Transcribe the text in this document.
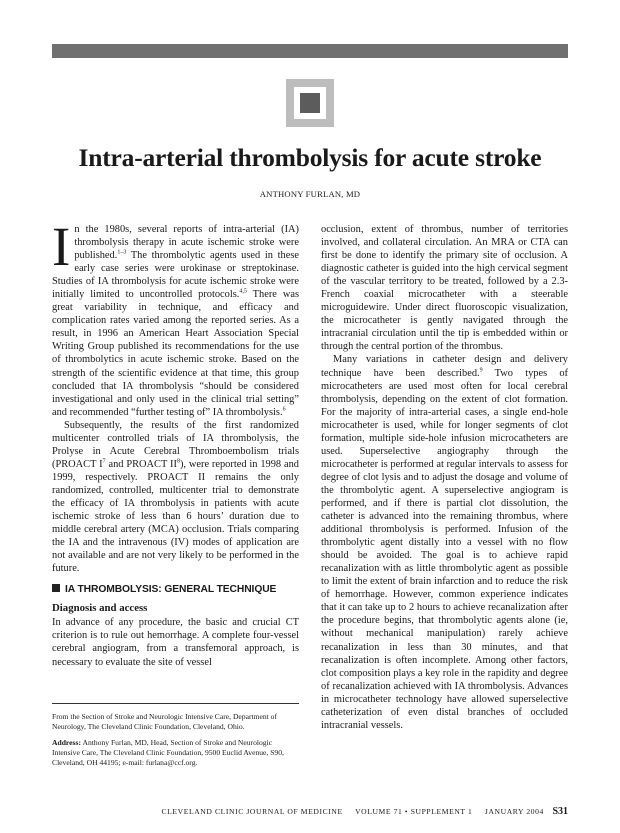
Intra-arterial thrombolysis for acute stroke
ANTHONY FURLAN, MD

In the 1980s, several reports of intra-arterial (IA) thrombolysis therapy in acute ischemic stroke were published.$^{1-3}$ The thrombolytic agents used in these early case series were urokinase or streptokinase. Studies of IA thrombolysis for acute ischemic stroke were initially limited to uncontrolled protocols.$^{4,5}$ There was great variability in technique, and efficacy and complication rates varied among the reported series. As a result, in 1996 an American Heart Association Special Writing Group published its recommendations for the use of thrombolytics in acute ischemic stroke. Based on the strength of the scientific evidence at that time, this group concluded that IA thrombolysis “should be considered investigational and only used in the clinical trial setting” and recommended “further testing of” IA thrombolysis.$^6$

Subsequently, the results of the first randomized multicenter controlled trials of IA thrombolysis, the Prolyse in Acute Cerebral Thromboembolism trials (PROACT $I^7$ and PROACT $II^8$), were reported in 1998 and 1999, respectively. PROACT II remains the only randomized, controlled, multicenter trial to demonstrate the efficacy of IA thrombolysis in patients with acute ischemic stroke of less than 6 hours’ duration due to middle cerebral artery (MCA) occlusion. Trials comparing the IA and the intravenous (IV) modes of application are not available and are not very likely to be performed in the future.

IA THROMBOLYSIS: GENERAL TECHNIQUE
Diagnosis and access

In advance of any procedure, the basic and crucial CT criterion is to rule out hemorrhage. A complete four-vessel cerebral angiogram, from a transfemoral approach, is necessary to evaluate the site of vessel

occlusion, extent of thrombus, number of territories involved, and collateral circulation. An MRA or CTA can first be done to identify the primary site of occlusion. A diagnostic catheter is guided into the high cervical segment of the vascular territory to be treated, followed by a 2.3-French coaxial microcatheter with a steerable microguidewire. Under direct fluoroscopic visualization, the microcatheter is gently navigated through the intracranial circulation until the tip is embedded within or through the central portion of the thrombus.

Many variations in catheter design and delivery technique have been described.$^9$ Two types of microcatheters are used most often for local cerebral thrombolysis, depending on the extent of clot formation. For the majority of intra-arterial cases, a single end-hole microcatheter is used, while for longer segments of clot formation, multiple side-hole infusion microcatheters are used. Superselective angiography through the microcatheter is performed at regular intervals to assess for degree of clot lysis and to adjust the dosage and volume of the thrombolytic agent. A superselective angiogram is performed, and if there is partial clot dissolution, the catheter is advanced into the remaining thrombus, where additional thrombolysis is performed. Infusion of the thrombolytic agent distally into a vessel with no flow should be avoided. The goal is to achieve rapid recanalization with as little thrombolytic agent as possible to limit the extent of brain infarction and to reduce the risk of hemorrhage. However, common experience indicates that it can take up to 2 hours to achieve recanalization after the procedure begins, that thrombolytic agents alone (ie, without mechanical manipulation) rarely achieve recanalization in less than 30 minutes, and that recanalization is often incomplete. Among other factors, clot composition plays a key role in the rapidity and degree of recanalization achieved with IA thrombolysis. Advances in microcatheter technology have allowed superselective catheterization of even distal branches of occluded intracranial vessels.

From the Section of Stroke and Neurologic Intensive Care, Department of Neurology, The Cleveland Clinic Foundation, Cleveland, Ohio.

Address: Anthony Furlan, MD, Head, Section of Stroke and Neurologic Intensive Care, The Cleveland Clinic Foundation, 9500 Euclid Avenue, S90, Cleveland, OH 44195; e-mail: furlana@ccf.org.

CLEVELAND CLINIC JOURNAL OF MEDICINE VOLUME 71 • SUPPLEMENT 1 JANUARY 2004 S31
